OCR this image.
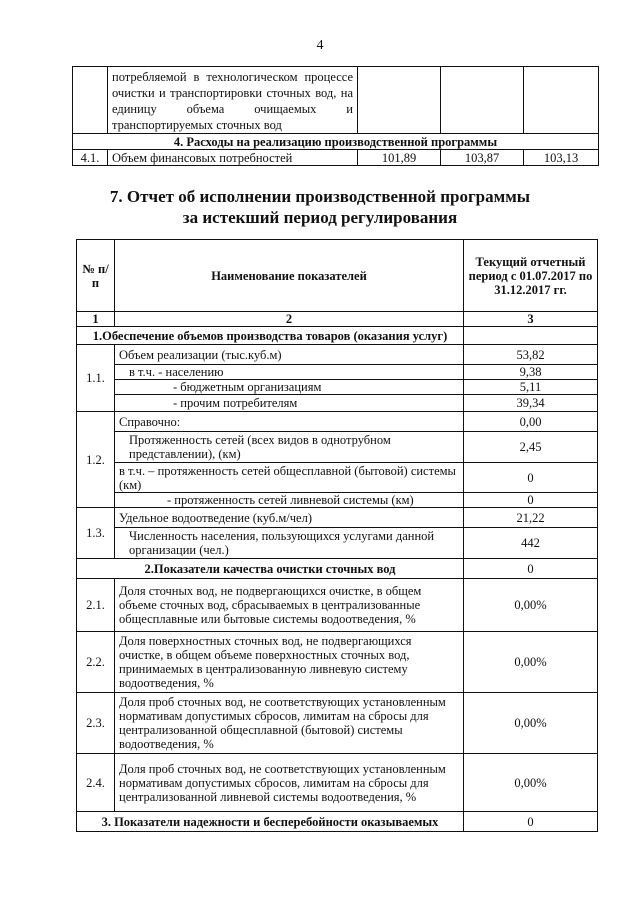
4
	потребляемой в технологическом процессе очистки и транспортировки сточных вод, на единицу объема очищаемых и транспортируемых сточных вод			
4. Расходы на реализацию производственной программы				
4.1.	Объем финансовых потребностей	101,89	103,87	103,13
7. Отчет об исполнении производственной программы
за истекший период регулирования
№ п/п	Наименование показателей	Текущий отчетный период с 01.07.2017 по 31.12.2017 гг.
1	2	3
1.Обеспечение объемов производства товаров (оказания услуг)		
1.1.	Объем реализации (тыс.куб.м)	53,82
	в т.ч. - населению	9,38
	- бюджетным организациям	5,11
	- прочим потребителям	39,34
1.2.	Справочно:	0,00
	Протяженность сетей (всех видов в однотрубном представлении), (км)	2,45
	в т.ч. – протяженность сетей общесплавной (бытовой) системы (км)	0
	- протяженность сетей ливневой системы (км)	0
1.3.	Удельное водоотведение (куб.м/чел)	21,22
	Численность населения, пользующихся услугами данной организации (чел.)	442
2.Показатели качества очистки сточных вод		0
2.1.	Доля сточных вод, не подвергающихся очистке, в общем объеме сточных вод, сбрасываемых в централизованные общесплавные или бытовые системы водоотведения, %	0,00%
2.2.	Доля поверхностных сточных вод, не подвергающихся очистке, в общем объеме поверхностных сточных вод, принимаемых в централизованную ливневую систему водоотведения, %	0,00%
2.3.	Доля проб сточных вод, не соответствующих установленным нормативам допустимых сбросов, лимитам на сбросы для централизованной общесплавной (бытовой) системы водоотведения, %	0,00%
2.4.	Доля проб сточных вод, не соответствующих установленным нормативам допустимых сбросов, лимитам на сбросы для централизованной ливневой системы водоотведения, %	0,00%
3. Показатели надежности и бесперебойности оказываемых		0
